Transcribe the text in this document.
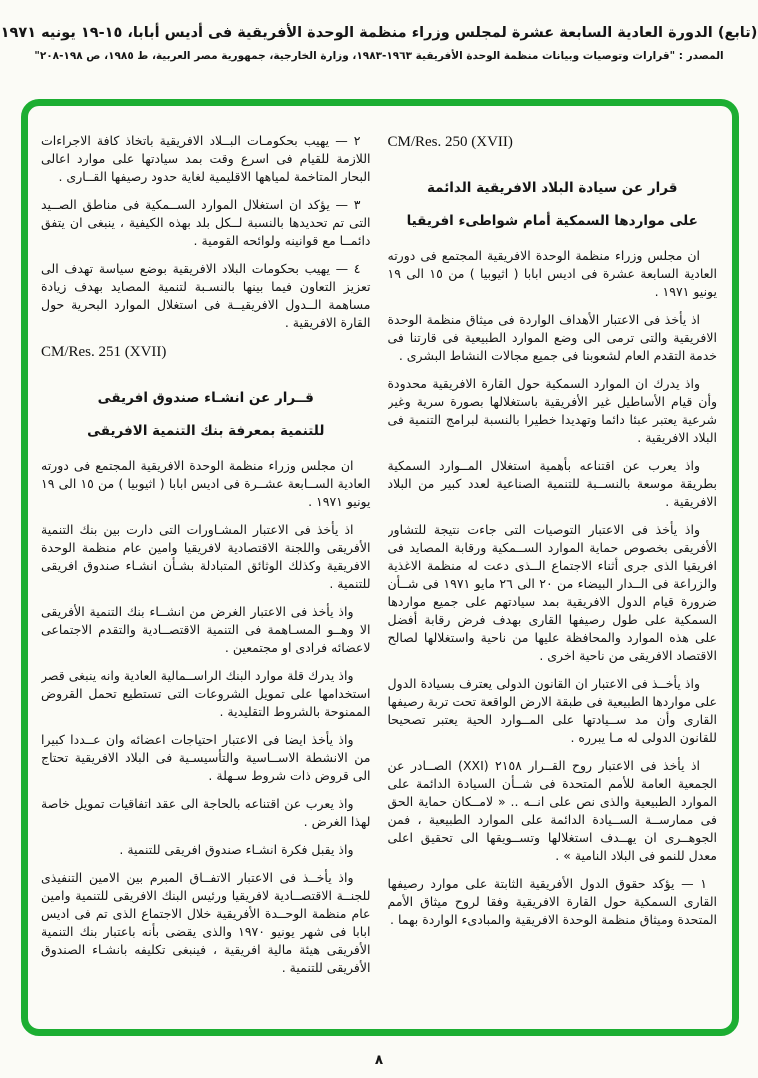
(تابع) الدورة العادية السابعة عشرة لمجلس وزراء منظمة الوحدة الأفريقية فى أديس أبابا، ١٥-١٩ يونيه ١٩٧١
المصدر : "قرارات وتوصيات وبيانات منظمة الوحدة الأفريقية ١٩٦٣-١٩٨٣، وزارة الخارجية، جمهورية مصر العربية، ط ١٩٨٥، ص ١٩٨-٢٠٨"
CM/Res. 250 (XVII)
قرار عن سيادة البلاد الافريقية الدائمة
على مواردها السمكية أمام شواطىء افريقيا

ان مجلس وزراء منظمة الوحدة الافريقية المجتمع فى دورته العادية السابعة عشرة فى اديس ابابا ( اثيوبيا ) من ١٥ الى ١٩ يونيو ١٩٧١ .

اذ يأخذ فى الاعتبار الأهداف الواردة فى ميثاق منظمة الوحدة الافريقية والتى ترمى الى وضع الموارد الطبيعية فى قارتنا فى خدمة التقدم العام لشعوبنا فى جميع مجالات النشاط البشرى .

واذ يدرك ان الموارد السمكية حول القارة الافريقية محدودة وأن قيام الأساطيل غير الأفريقية باستغلالها بصورة سرية وغير شرعية يعتبر عبئا دائما وتهديدا خطيرا بالنسبة لبرامج التنمية فى البلاد الافريقية .

واذ يعرب عن اقتناعه بأهمية استغلال المــوارد السمكية بطريقة موسعة بالنســبة للتنمية الصناعية لعدد كبير من البلاد الافريقية .

واذ يأخذ فى الاعتبار التوصيات التى جاءت نتيجة للتشاور الأفريقى بخصوص حماية الموارد الســمكية ورقابة المصايد فى افريقيا الذى جرى أثناء الاجتماع الــذى دعت له منظمة الاغذية والزراعة فى الــدار البيضاء من ٢٠ الى ٢٦ مايو ١٩٧١ فى شــأن ضرورة قيام الدول الافريقية بمد سيادتهم على جميع مواردها السمكية على طول رصيفها القارى بهدف فرض رقابة أفضل على هذه الموارد والمحافظة عليها من ناحية واستغلالها لصالح الاقتصاد الافريقى من ناحية اخرى .

واذ يأخــذ فى الاعتبار ان القانون الدولى يعترف بسيادة الدول على مواردها الطبيعية فى طبقة الارض الواقعة تحت تربة رصيفها القارى وأن مد ســيادتها على المــوارد الحية يعتبر تصحيحا للقانون الدولى له مـا يبرره .

اذ يأخذ فى الاعتبار روح القــرار ٢١٥٨ (XXI) الصــادر عن الجمعية العامة للأمم المتحدة فى شــأن السيادة الدائمة على الموارد الطبيعية والذى نص على انــه .. « لامــكان حماية الحق فى ممارســة الســيادة الدائمة على الموارد الطبيعية ، فمن الجوهــرى ان يهــدف استغلالها وتســويقها الى تحقيق اعلى معدل للنمو فى البلاد النامية » .

١ — يؤكد حقوق الدول الأفريقية الثابتة على موارد رصيفها القارى السمكية حول القارة الافريقية وفقا لروح ميثاق الأمم المتحدة وميثاق منظمة الوحدة الافريقية والمبادىء الواردة بهما .

٢ — يهيب بحكومـات البــلاد الافريقية باتخاذ كافة الاجراءات اللازمة للقيام فى اسرع وقت بمد سيادتها على موارد اعالى البحار المتاخمة لمياهها الاقليمية لغاية حدود رصيفها القــارى .

٣ — يؤكد ان استغلال الموارد الســمكية فى مناطق الصــيد التى تم تحديدها بالنسبة لــكل بلد بهذه الكيفية ، ينبغى ان يتفق دائمــا مع قوانينه ولوائحه القومية .

٤ — يهيب بحكومات البلاد الافريقية بوضع سياسة تهدف الى تعزيز التعاون فيما بينها بالنسـبة لتنمية المصايد بهدف زيادة مساهمة الــدول الافريقيــة فى استغلال الموارد البحرية حول القارة الافريقية .

CM/Res. 251 (XVII)
قــرار عن انشـاء صندوق افريقى
للتنمية بمعرفة بنك التنمية الافريقى

ان مجلس وزراء منظمة الوحدة الافريقية المجتمع فى دورته العادية الســابعة عشــرة فى اديس ابابا ( اثيوبيا ) من ١٥ الى ١٩ يونيو ١٩٧١ .

اذ يأخذ فى الاعتبار المشـاورات التى دارت بين بنك التنمية الأفريقى واللجنة الاقتصادية لافريقيا وامين عام منظمة الوحدة الافريقية وكذلك الوثائق المتبادلة بشـأن انشـاء صندوق افريقى للتنمية .

واذ يأخذ فى الاعتبار الغرض من انشــاء بنك التنمية الأفريقى الا وهــو المسـاهمة فى التنمية الاقتصــادية والتقدم الاجتماعى لاعضائه فرادى او مجتمعين .

واذ يدرك قلة موارد البنك الراســمالية العادية وانه ينبغى قصر استخدامها على تمويل الشروعات التى تستطيع تحمل القروض الممنوحة بالشروط التقليدية .

واذ يأخذ ايضا فى الاعتبار احتياجات اعضائه وان عــددا كبيرا من الانشطة الاســاسية والتأسيسـية فى البلاد الافريقية تحتاج الى قروض ذات شروط سـهلة .

واذ يعرب عن اقتناعه بالحاجة الى عقد اتفاقيات تمويل خاصة لهذا الغرض .

واذ يقبل فكرة انشـاء صندوق افريقى للتنمية .

واذ يأخــذ فى الاعتبار الاتفــاق المبرم بين الامين التنفيذى للجنــة الاقتصــادية لافريقيا ورئيس البنك الافريقى للتنمية وامين عام منظمة الوحــدة الأفريقية خلال الاجتماع الذى تم فى اديس ابابا فى شهر يونيو ١٩٧٠ والذى يقضى بأنه باعتبار بنك التنمية الأفريقى هيئة مالية افريقية ، فينبغى تكليفه بانشـاء الصندوق الأفريقى للتنمية .

٨
